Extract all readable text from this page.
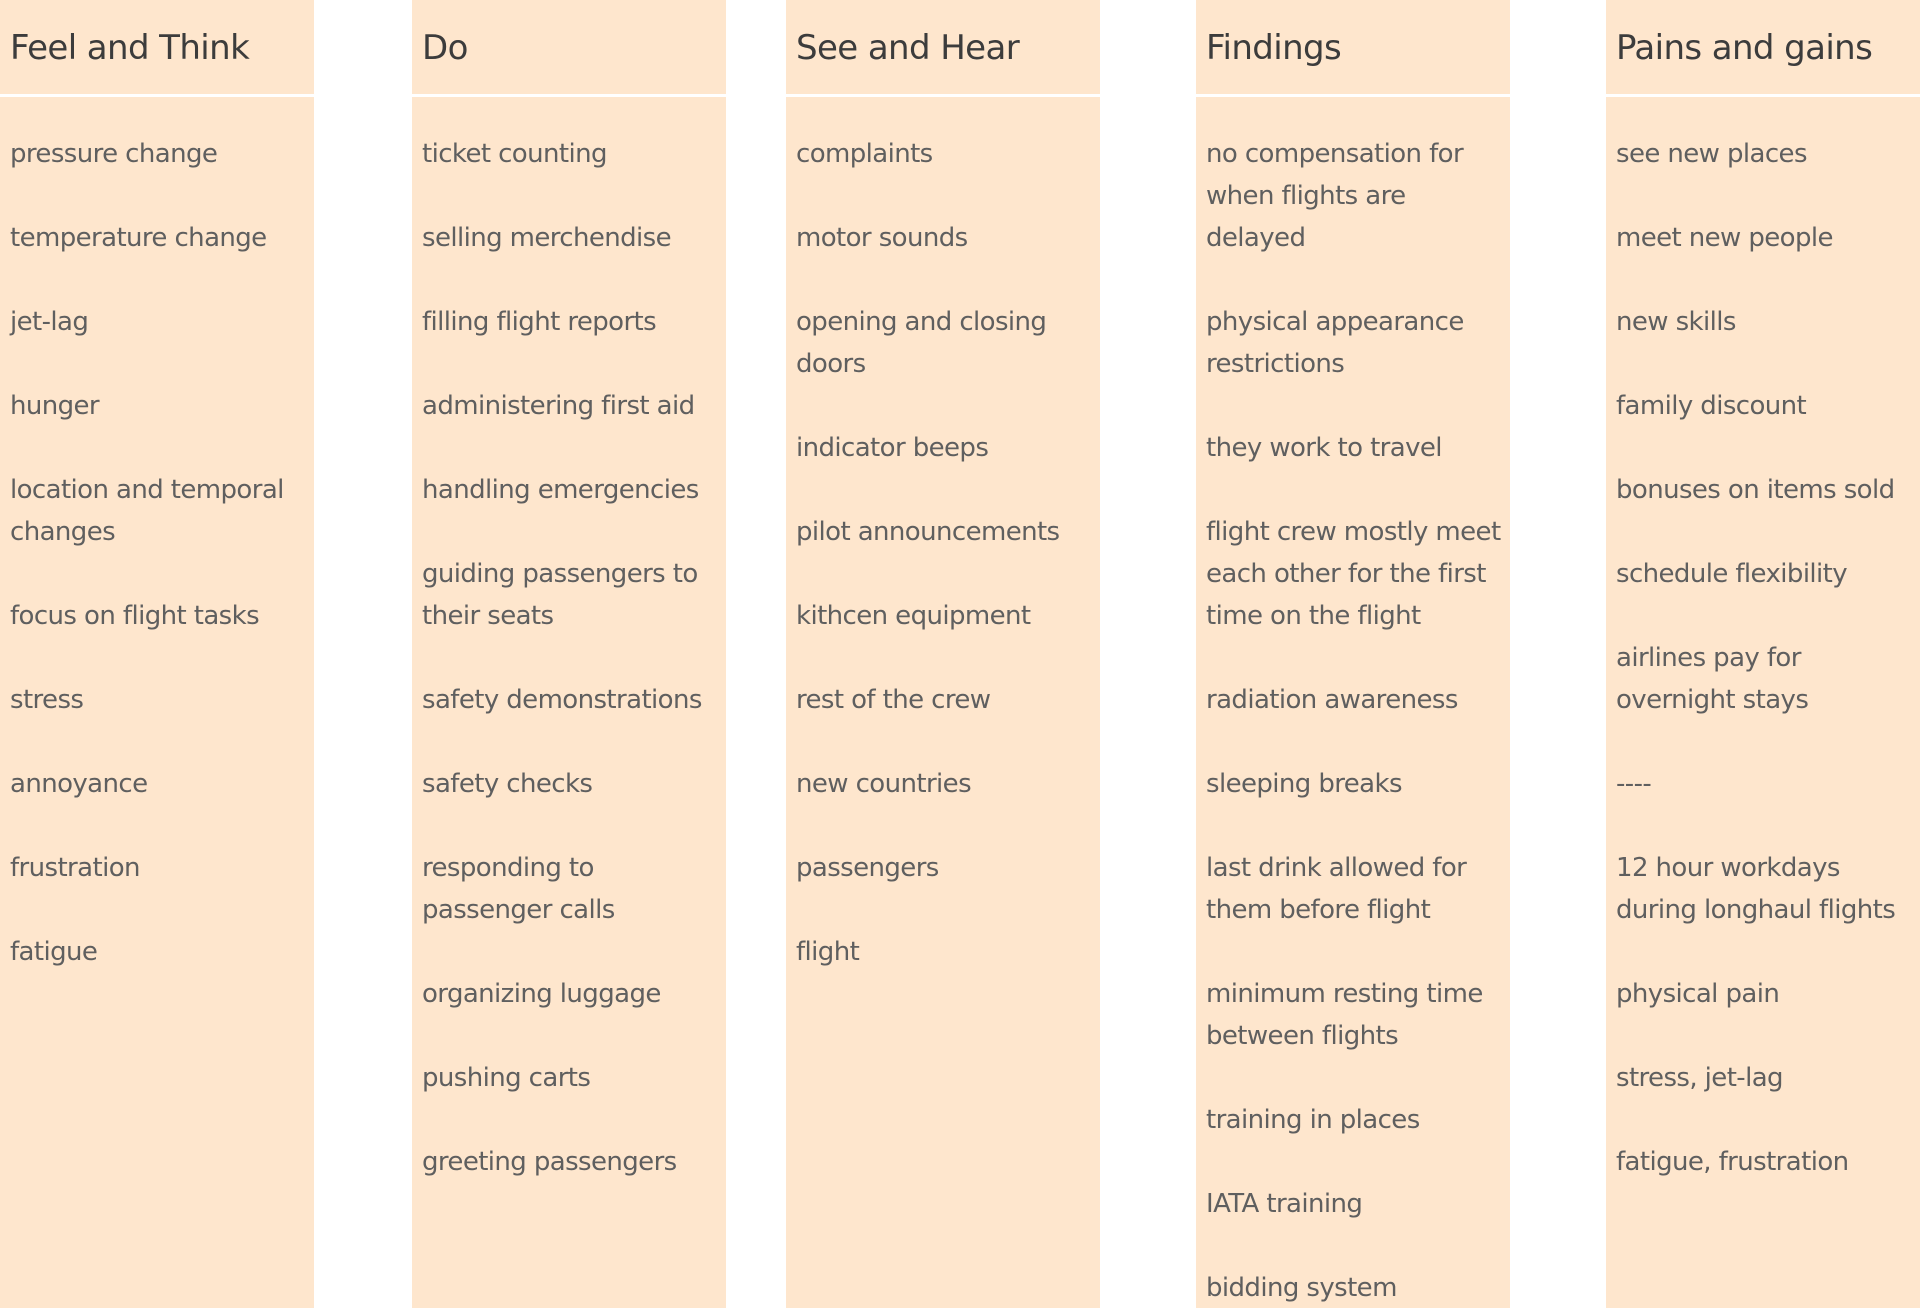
Feel and Think
pressure change
temperature change
jet-lag
hunger
location and temporal changes
focus on flight tasks
stress
annoyance
frustration
fatigue
Do
ticket counting
selling merchendise
filling flight reports
administering first aid
handling emergencies
guiding passengers to their seats
safety demonstrations
safety checks
responding to passenger calls
organizing luggage
pushing carts
greeting passengers
See and Hear
complaints
motor sounds
opening and closing doors
indicator beeps
pilot announcements
kithcen equipment
rest of the crew
new countries
passengers
flight
Findings
no compensation for when flights are delayed
physical appearance restrictions
they work to travel
flight crew mostly meet each other for the first time on the flight
radiation awareness
sleeping breaks
last drink allowed for them before flight
minimum resting time between flights
training in places
IATA training
bidding system
Pains and gains
see new places
meet new people
new skills
family discount
bonuses on items sold
schedule flexibility
airlines pay for overnight stays
----
12 hour workdays during longhaul flights
physical pain
stress, jet-lag
fatigue, frustration
